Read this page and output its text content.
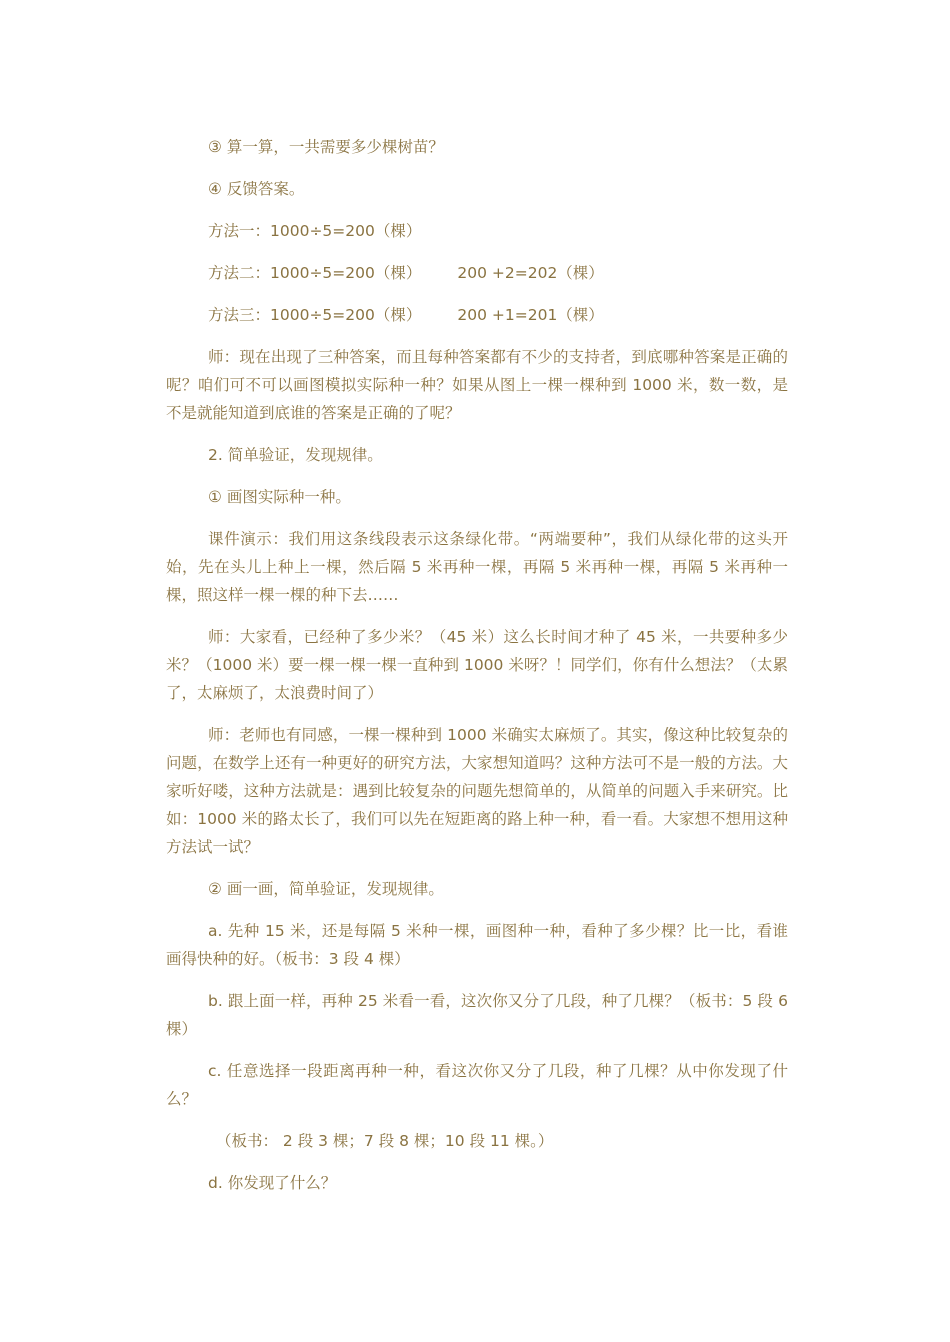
③ 算一算，一共需要多少棵树苗？

④ 反馈答案。

方法一：1000÷5=200（棵）

方法二：1000÷5=200（棵） 200 +2=202（棵）

方法三：1000÷5=200（棵） 200 +1=201（棵）

师：现在出现了三种答案，而且每种答案都有不少的支持者，到底哪种答案是正确的呢？咱们可不可以画图模拟实际种一种？如果从图上一棵一棵种到 1000 米，数一数，是不是就能知道到底谁的答案是正确的了呢？

2. 简单验证，发现规律。

① 画图实际种一种。

课件演示：我们用这条线段表示这条绿化带。“两端要种”，我们从绿化带的这头开始，先在头儿上种上一棵，然后隔 5 米再种一棵，再隔 5 米再种一棵，再隔 5 米再种一棵，照这样一棵一棵的种下去……

师：大家看，已经种了多少米？（45 米）这么长时间才种了 45 米，一共要种多少米？（1000 米）要一棵一棵一棵一直种到 1000 米呀？！同学们，你有什么想法？（太累了，太麻烦了，太浪费时间了）

师：老师也有同感，一棵一棵种到 1000 米确实太麻烦了。其实，像这种比较复杂的问题，在数学上还有一种更好的研究方法，大家想知道吗？这种方法可不是一般的方法。大家听好喽，这种方法就是：遇到比较复杂的问题先想简单的，从简单的问题入手来研究。比如：1000 米的路太长了，我们可以先在短距离的路上种一种，看一看。大家想不想用这种方法试一试？

② 画一画，简单验证，发现规律。

a. 先种 15 米，还是每隔 5 米种一棵，画图种一种，看种了多少棵？比一比，看谁画得快种的好。（板书：3 段 4 棵）

b. 跟上面一样，再种 25 米看一看，这次你又分了几段，种了几棵？（板书：5 段 6 棵）

c. 任意选择一段距离再种一种，看这次你又分了几段，种了几棵？从中你发现了什么？

（板书： 2 段 3 棵；7 段 8 棵；10 段 11 棵。）

d. 你发现了什么？
